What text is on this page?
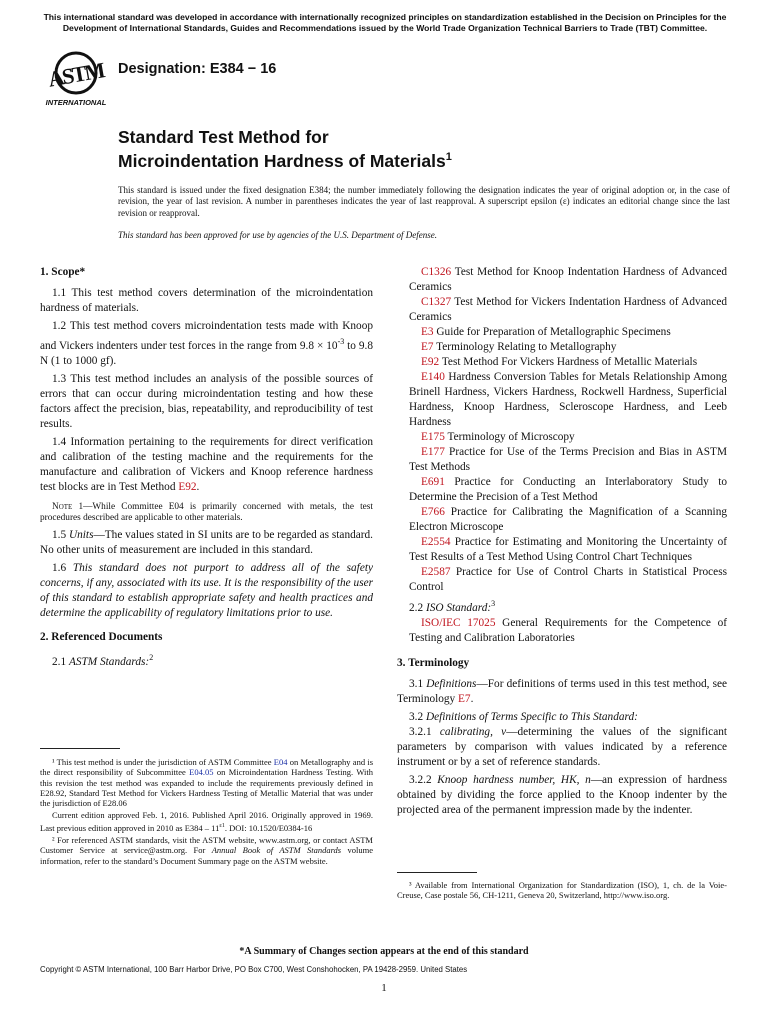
This international standard was developed in accordance with internationally recognized principles on standardization established in the Decision on Principles for the Development of International Standards, Guides and Recommendations issued by the World Trade Organization Technical Barriers to Trade (TBT) Committee.
ASTM
INTERNATIONAL
Designation: E384 − 16
Standard Test Method for
Microindentation Hardness of Materials$^1$
This standard is issued under the fixed designation E384; the number immediately following the designation indicates the year of original adoption or, in the case of revision, the year of last revision. A number in parentheses indicates the year of last reapproval. A superscript epsilon (ε) indicates an editorial change since the last revision or reapproval.
This standard has been approved for use by agencies of the U.S. Department of Defense.

1. Scope*

1.1 This test method covers determination of the microindentation hardness of materials.

1.2 This test method covers microindentation tests made with Knoop and Vickers indenters under test forces in the range from $9.8 \times 10^{-3}$ to 9.8 N (1 to 1000 gf).

1.3 This test method includes an analysis of the possible sources of errors that can occur during microindentation testing and how these factors affect the precision, bias, repeatability, and reproducibility of test results.

1.4 Information pertaining to the requirements for direct verification and calibration of the testing machine and the requirements for the manufacture and calibration of Vickers and Knoop reference hardness test blocks are in Test Method E92.

Note 1—While Committee E04 is primarily concerned with metals, the test procedures described are applicable to other materials.

1.5 Units—The values stated in SI units are to be regarded as standard. No other units of measurement are included in this standard.

1.6 This standard does not purport to address all of the safety concerns, if any, associated with its use. It is the responsibility of the user of this standard to establish appropriate safety and health practices and determine the applicability of regulatory limitations prior to use.

2. Referenced Documents

2.1 ASTM Standards:$^2$

¹ This test method is under the jurisdiction of ASTM Committee E04 on Metallography and is the direct responsibility of Subcommittee E04.05 on Microindentation Hardness Testing. With this revision the test method was expanded to include the requirements previously defined in E28.92, Standard Test Method for Vickers Hardness Testing of Metallic Material that was under the jurisdiction of E28.06

Current edition approved Feb. 1, 2016. Published April 2016. Originally approved in 1969. Last previous edition approved in 2010 as $E384 - 11^{\varepsilon 1}$. DOI: 10.1520/E0384-16

² For referenced ASTM standards, visit the ASTM website, www.astm.org, or contact ASTM Customer Service at service@astm.org. For Annual Book of ASTM Standards volume information, refer to the standard’s Document Summary page on the ASTM website.

C1326 Test Method for Knoop Indentation Hardness of Advanced Ceramics

C1327 Test Method for Vickers Indentation Hardness of Advanced Ceramics

E3 Guide for Preparation of Metallographic Specimens

E7 Terminology Relating to Metallography

E92 Test Method For Vickers Hardness of Metallic Materials

E140 Hardness Conversion Tables for Metals Relationship Among Brinell Hardness, Vickers Hardness, Rockwell Hardness, Superficial Hardness, Knoop Hardness, Scleroscope Hardness, and Leeb Hardness

E175 Terminology of Microscopy

E177 Practice for Use of the Terms Precision and Bias in ASTM Test Methods

E691 Practice for Conducting an Interlaboratory Study to Determine the Precision of a Test Method

E766 Practice for Calibrating the Magnification of a Scanning Electron Microscope

E2554 Practice for Estimating and Monitoring the Uncertainty of Test Results of a Test Method Using Control Chart Techniques

E2587 Practice for Use of Control Charts in Statistical Process Control

2.2 ISO Standard:$^3$

ISO/IEC 17025 General Requirements for the Competence of Testing and Calibration Laboratories

3. Terminology

3.1 Definitions—For definitions of terms used in this test method, see Terminology E7.

3.2 Definitions of Terms Specific to This Standard:

3.2.1 calibrating, v—determining the values of the significant parameters by comparison with values indicated by a reference instrument or by a set of reference standards.

3.2.2 Knoop hardness number, HK, n—an expression of hardness obtained by dividing the force applied to the Knoop indenter by the projected area of the permanent impression made by the indenter.

³ Available from International Organization for Standardization (ISO), 1, ch. de la Voie-Creuse, Case postale 56, CH-1211, Geneva 20, Switzerland, http://www.iso.org.

*A Summary of Changes section appears at the end of this standard
Copyright © ASTM International, 100 Barr Harbor Drive, PO Box C700, West Conshohocken, PA 19428-2959. United States
1
